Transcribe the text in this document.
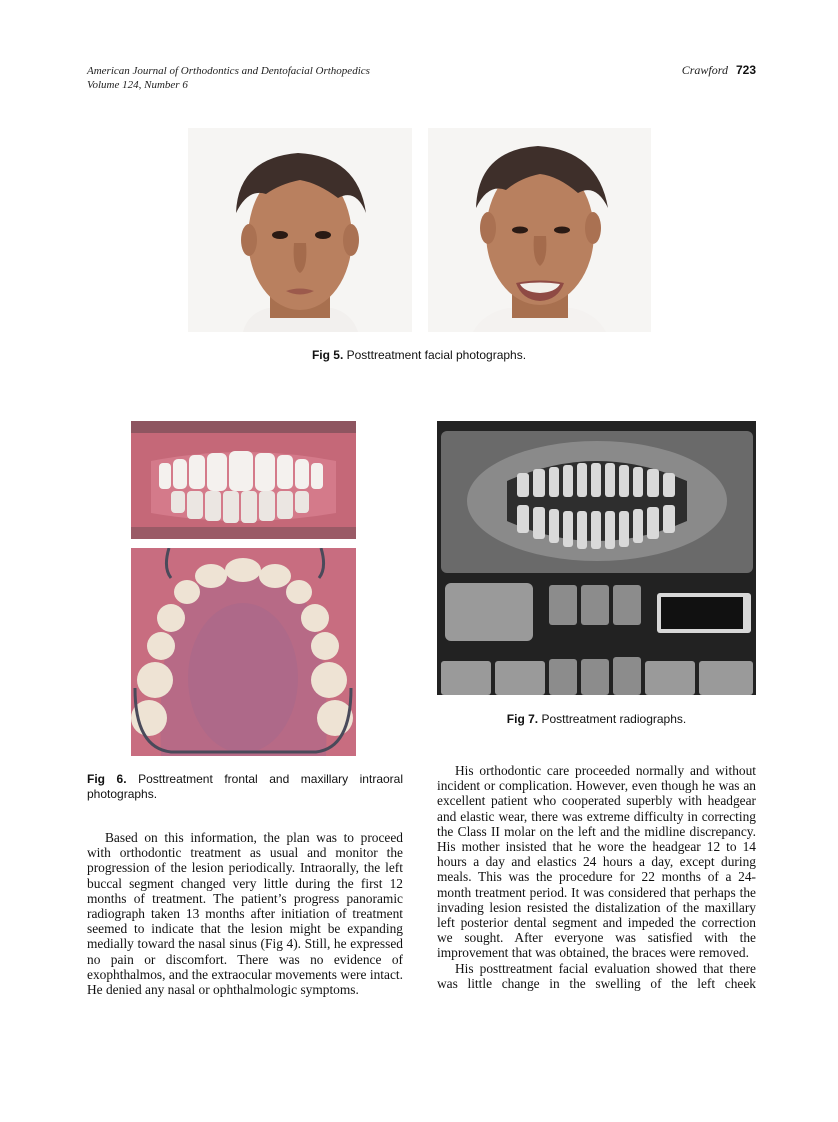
American Journal of Orthodontics and Dentofacial Orthopedics
Volume 124, Number 6
Crawford 723
Fig 5. Posttreatment facial photographs.
Fig 6. Posttreatment frontal and maxillary intraoral photographs.
Fig 7. Posttreatment radiographs.

Based on this information, the plan was to proceed with orthodontic treatment as usual and monitor the progression of the lesion periodically. Intraorally, the left buccal segment changed very little during the first 12 months of treatment. The patient’s progress panoramic radiograph taken 13 months after initiation of treatment seemed to indicate that the lesion might be expanding medially toward the nasal sinus (Fig 4). Still, he expressed no pain or discomfort. There was no evidence of exophthalmos, and the extraocular movements were intact. He denied any nasal or ophthalmologic symptoms.

His orthodontic care proceeded normally and without incident or complication. However, even though he was an excellent patient who cooperated superbly with headgear and elastic wear, there was extreme difficulty in correcting the Class II molar on the left and the midline discrepancy. His mother insisted that he wore the headgear 12 to 14 hours a day and elastics 24 hours a day, except during meals. This was the procedure for 22 months of a 24-month treatment period. It was considered that perhaps the invading lesion resisted the distalization of the maxillary left posterior dental segment and impeded the correction we sought. After everyone was satisfied with the improvement that was obtained, the braces were removed.

His posttreatment facial evaluation showed that there was little change in the swelling of the left cheek
